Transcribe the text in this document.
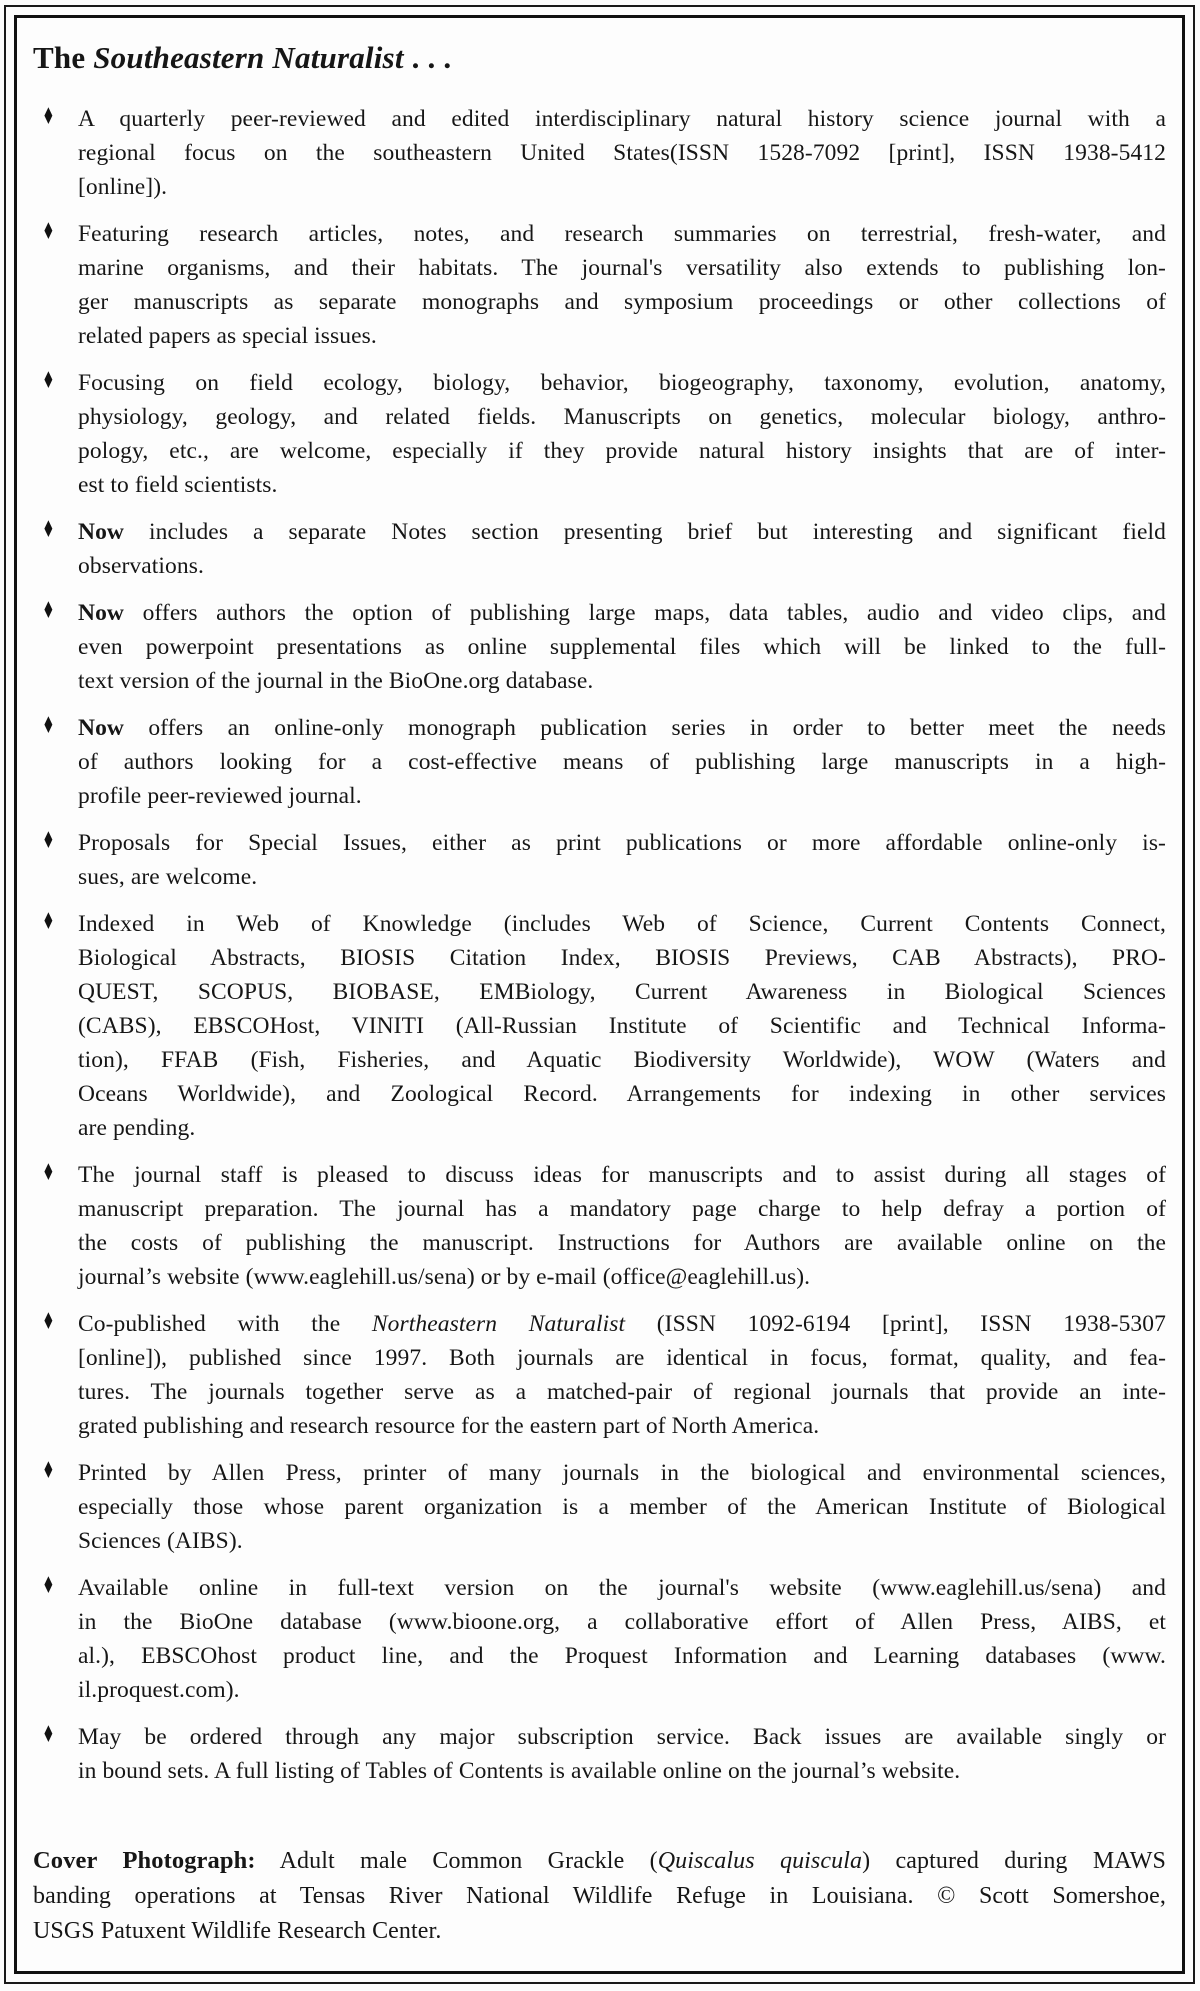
The Southeastern Naturalist . . .
♦ A quarterly peer-reviewed and edited interdisciplinary natural history science journal with a
regional focus on the southeastern United States(ISSN 1528-7092 [print], ISSN 1938-5412
[online]).
♦ Featuring research articles, notes, and research summaries on terrestrial, fresh-water, and
marine organisms, and their habitats. The journal's versatility also extends to publishing lon-
ger manuscripts as separate monographs and symposium proceedings or other collections of
related papers as special issues.
♦ Focusing on field ecology, biology, behavior, biogeography, taxonomy, evolution, anatomy,
physiology, geology, and related fields. Manuscripts on genetics, molecular biology, anthro-
pology, etc., are welcome, especially if they provide natural history insights that are of inter-
est to field scientists.
♦ Now includes a separate Notes section presenting brief but interesting and significant field
observations.
♦ Now offers authors the option of publishing large maps, data tables, audio and video clips, and
even powerpoint presentations as online supplemental files which will be linked to the full-
text version of the journal in the BioOne.org database.
♦ Now offers an online-only monograph publication series in order to better meet the needs
of authors looking for a cost-effective means of publishing large manuscripts in a high-
profile peer-reviewed journal.
♦ Proposals for Special Issues, either as print publications or more affordable online-only is-
sues, are welcome.
♦ Indexed in Web of Knowledge (includes Web of Science, Current Contents Connect,
Biological Abstracts, BIOSIS Citation Index, BIOSIS Previews, CAB Abstracts), PRO-
QUEST, SCOPUS, BIOBASE, EMBiology, Current Awareness in Biological Sciences
(CABS), EBSCOHost, VINITI (All-Russian Institute of Scientific and Technical Informa-
tion), FFAB (Fish, Fisheries, and Aquatic Biodiversity Worldwide), WOW (Waters and
Oceans Worldwide), and Zoological Record. Arrangements for indexing in other services
are pending.
♦ The journal staff is pleased to discuss ideas for manuscripts and to assist during all stages of
manuscript preparation. The journal has a mandatory page charge to help defray a portion of
the costs of publishing the manuscript. Instructions for Authors are available online on the
journal’s website (www.eaglehill.us/sena) or by e-mail (office@eaglehill.us).
♦ Co-published with the Northeastern Naturalist (ISSN 1092-6194 [print], ISSN 1938-5307
[online]), published since 1997. Both journals are identical in focus, format, quality, and fea-
tures. The journals together serve as a matched-pair of regional journals that provide an inte-
grated publishing and research resource for the eastern part of North America.
♦ Printed by Allen Press, printer of many journals in the biological and environmental sciences,
especially those whose parent organization is a member of the American Institute of Biological
Sciences (AIBS).
♦ Available online in full-text version on the journal's website (www.eaglehill.us/sena) and
in the BioOne database (www.bioone.org, a collaborative effort of Allen Press, AIBS, et
al.), EBSCOhost product line, and the Proquest Information and Learning databases (www.
il.proquest.com).
♦ May be ordered through any major subscription service. Back issues are available singly or
in bound sets. A full listing of Tables of Contents is available online on the journal’s website.
Cover Photograph: Adult male Common Grackle (Quiscalus quiscula) captured during MAWS
banding operations at Tensas River National Wildlife Refuge in Louisiana. © Scott Somershoe,
USGS Patuxent Wildlife Research Center.
